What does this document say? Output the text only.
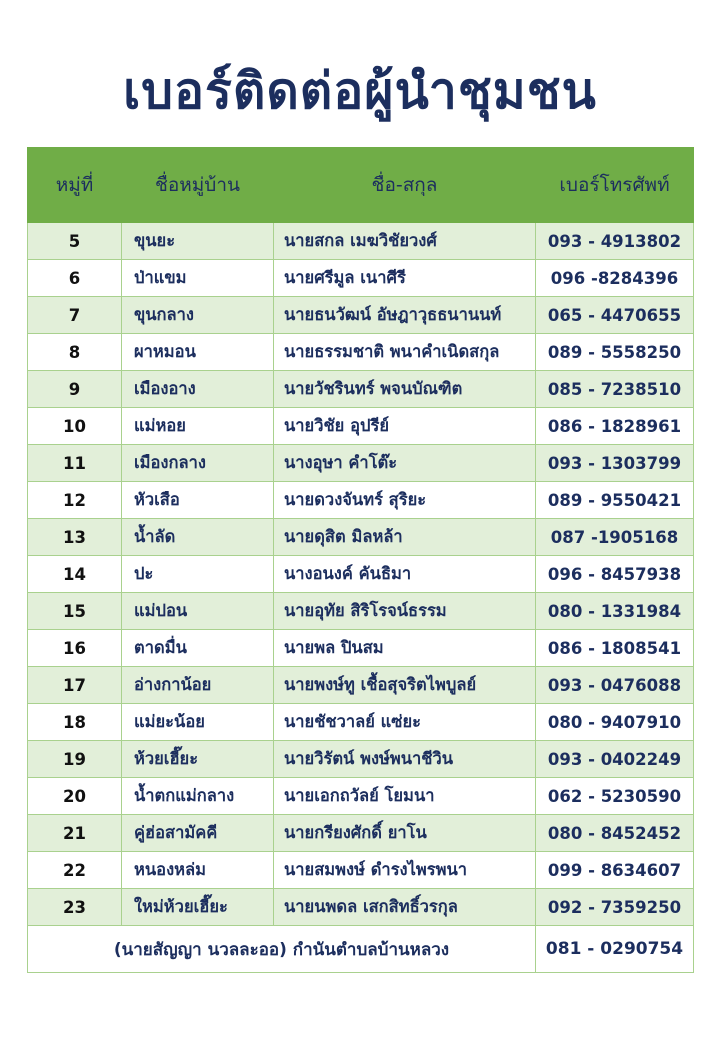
เบอร์ติดต่อผู้นำชุมชน
หมู่ที่	ชื่อหมู่บ้าน	ชื่อ-สกุล	เบอร์โทรศัพท์
5	ขุนยะ	นายสกล เมฆวิชัยวงศ์	093 - 4913802
6	ป่าแขม	นายศรีมูล เนาศีรี	096 -8284396
7	ขุนกลาง	นายธนวัฒน์ อัษฎาวุธธนานนท์	065 - 4470655
8	ผาหมอน	นายธรรมชาติ พนาคำเนิดสกุล	089 - 5558250
9	เมืองอาง	นายวัชรินทร์ พจนบัณฑิต	085 - 7238510
10	แม่หอย	นายวิชัย อุปรีย์	086 - 1828961
11	เมืองกลาง	นางอุษา คำโต๊ะ	093 - 1303799
12	หัวเสือ	นายดวงจันทร์ สุริยะ	089 - 9550421
13	น้ำลัด	นายดุสิต มิลหล้า	087 -1905168
14	ปะ	นางอนงค์ คันธิมา	096 - 8457938
15	แม่ปอน	นายอุทัย สิริโรจน์ธรรม	080 - 1331984
16	ตาดมื่น	นายพล ปินสม	086 - 1808541
17	อ่างกาน้อย	นายพงษ์ทู เชื้อสุจริตไพบูลย์	093 - 0476088
18	แม่ยะน้อย	นายชัชวาลย์ แซ่ยะ	080 - 9407910
19	ห้วยเฮี๊ยะ	นายวิรัตน์ พงษ์พนาชีวิน	093 - 0402249
20	น้ำตกแม่กลาง	นายเอกถวัลย์ โยมนา	062 - 5230590
21	คู่ฮ่อสามัคคี	นายกรียงศักดิ์ ยาโน	080 - 8452452
22	หนองหล่ม	นายสมพงษ์ ดำรงไพรพนา	099 - 8634607
23	ใหม่ห้วยเฮี๊ยะ	นายนพดล เสกสิทธิ์วรกุล	092 - 7359250
(นายสัญญา นวลละออ) กำนันตำบลบ้านหลวง			081 - 0290754
